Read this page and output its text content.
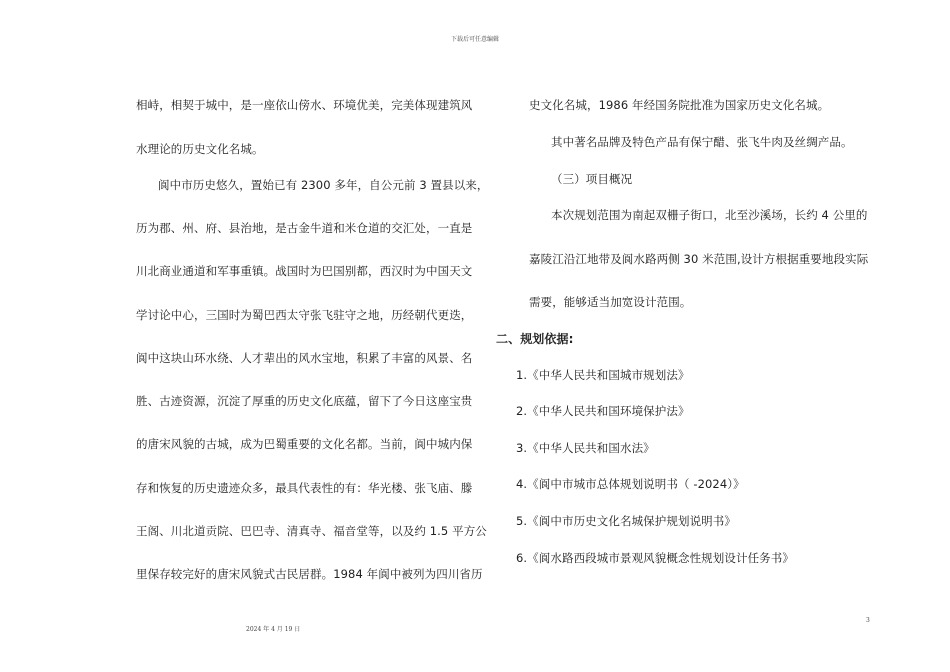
下载后可任意编辑
相峙，相契于城中，是一座依山傍水、环境优美，完美体现建筑风
水理论的历史文化名城。
阆中市历史悠久，置始已有 2300 多年，自公元前 3 置县以来，
历为郡、州、府、县治地，是古金牛道和米仓道的交汇处，一直是
川北商业通道和军事重镇。战国时为巴国别都，西汉时为中国天文
学讨论中心，三国时为蜀巴西太守张飞驻守之地，历经朝代更迭，
阆中这块山环水绕、人才辈出的风水宝地，积累了丰富的风景、名
胜、古迹资源，沉淀了厚重的历史文化底蕴，留下了今日这座宝贵
的唐宋风貌的古城，成为巴蜀重要的文化名都。当前，阆中城内保
存和恢复的历史遗迹众多，最具代表性的有：华光楼、张飞庙、滕
王阁、川北道贡院、巴巴寺、清真寺、福音堂等，以及约 1.5 平方公
里保存较完好的唐宋风貌式古民居群。1984 年阆中被列为四川省历
史文化名城，1986 年经国务院批准为国家历史文化名城。
其中著名品牌及特色产品有保宁醋、张飞牛肉及丝绸产品。
（三）项目概况
本次规划范围为南起双栅子街口，北至沙溪场，长约 4 公里的
嘉陵江沿江地带及阆水路两侧 30 米范围,设计方根据重要地段实际
需要，能够适当加宽设计范围。
二、规划依据:
1.《中华人民共和国城市规划法》
2.《中华人民共和国环境保护法》
3.《中华人民共和国水法》
4.《阆中市城市总体规划说明书（ -2024）》
5.《阆中市历史文化名城保护规划说明书》
6.《阆水路西段城市景观风貌概念性规划设计任务书》
2024 年 4 月 19 日
3
